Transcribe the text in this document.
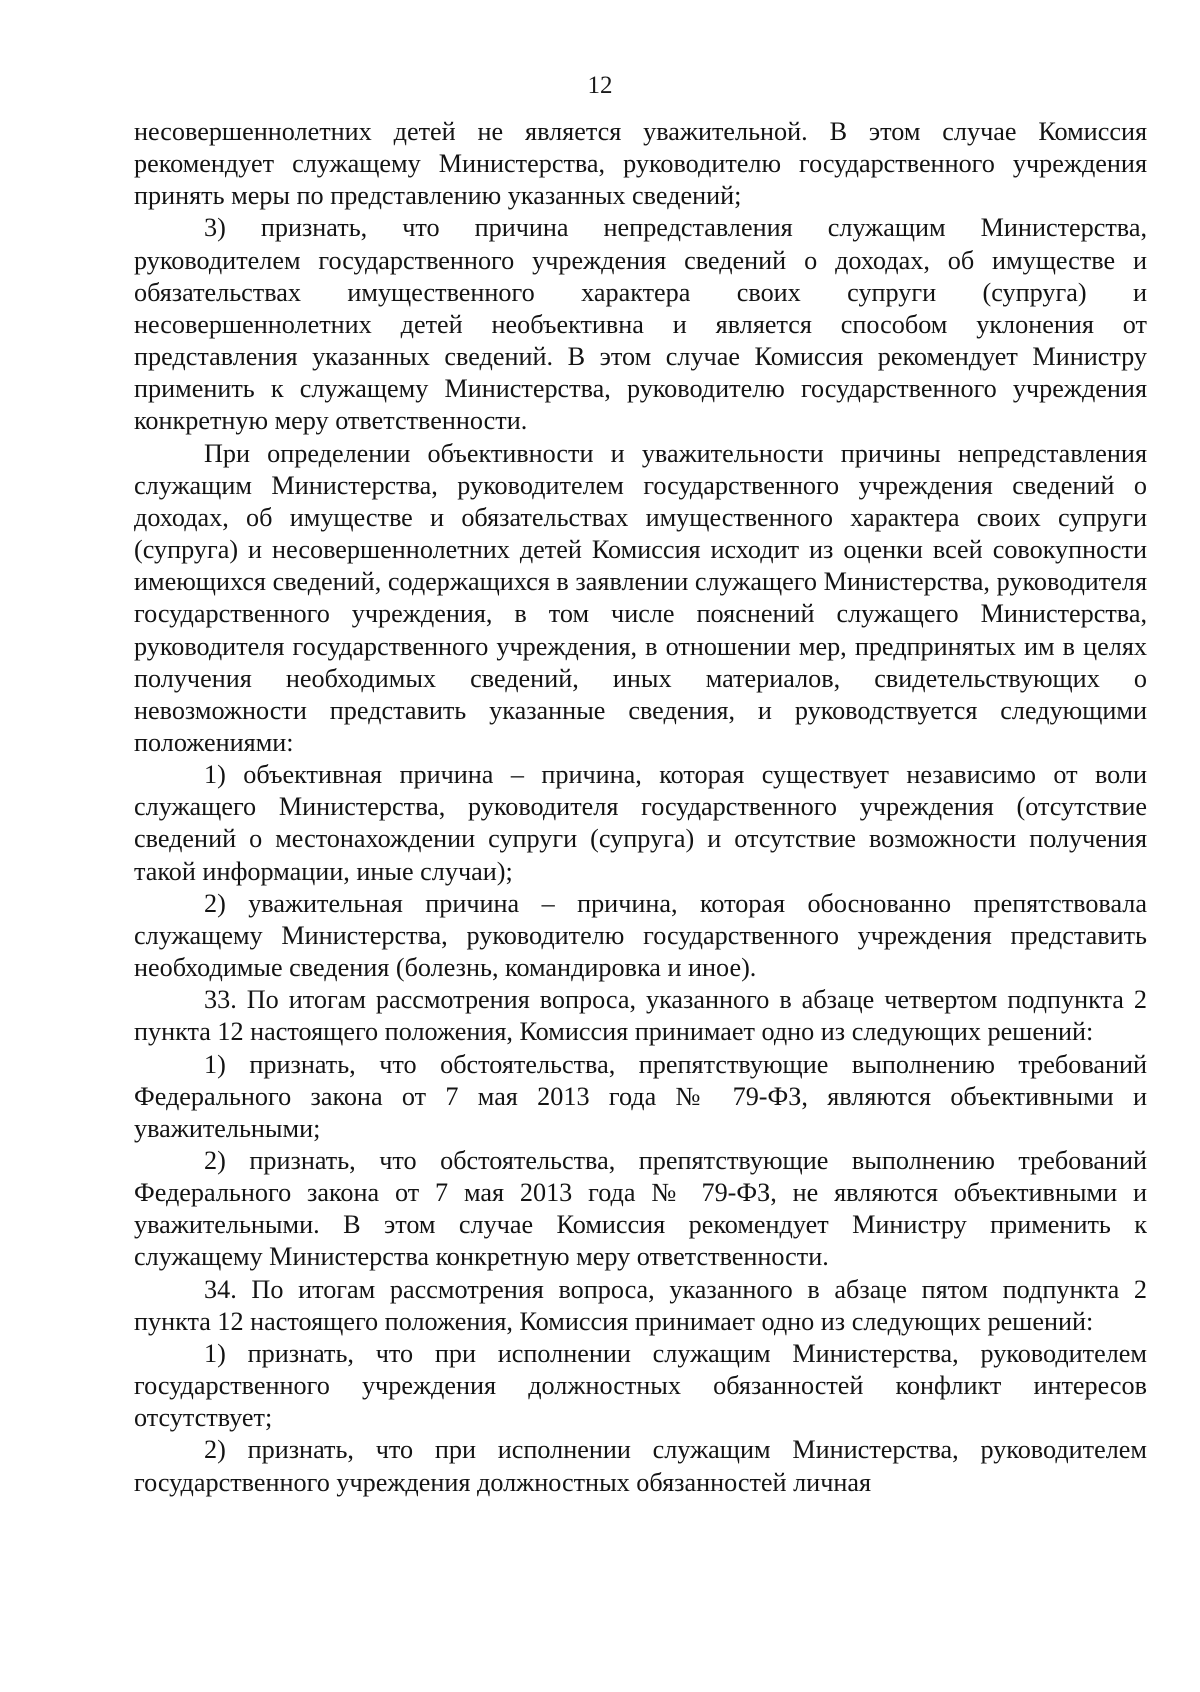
12

несовершеннолетних детей не является уважительной. В этом случае Комиссия рекомендует служащему Министерства, руководителю государственного учреждения принять меры по представлению указанных сведений;

3) признать, что причина непредставления служащим Министерства, руководителем государственного учреждения сведений о доходах, об имуществе и обязательствах имущественного характера своих супруги (супруга) и несовершеннолетних детей необъективна и является способом уклонения от представления указанных сведений. В этом случае Комиссия рекомендует Министру применить к служащему Министерства, руководителю государственного учреждения конкретную меру ответственности.

При определении объективности и уважительности причины непредставления служащим Министерства, руководителем государственного учреждения сведений о доходах, об имуществе и обязательствах имущественного характера своих супруги (супруга) и несовершеннолетних детей Комиссия исходит из оценки всей совокупности имеющихся сведений, содержащихся в заявлении служащего Министерства, руководителя государственного учреждения, в том числе пояснений служащего Министерства, руководителя государственного учреждения, в отношении мер, предпринятых им в целях получения необходимых сведений, иных материалов, свидетельствующих о невозможности представить указанные сведения, и руководствуется следующими положениями:

1) объективная причина – причина, которая существует независимо от воли служащего Министерства, руководителя государственного учреждения (отсутствие сведений о местонахождении супруги (супруга) и отсутствие возможности получения такой информации, иные случаи);

2) уважительная причина – причина, которая обоснованно препятствовала служащему Министерства, руководителю государственного учреждения представить необходимые сведения (болезнь, командировка и иное).

33. По итогам рассмотрения вопроса, указанного в абзаце четвертом подпункта 2 пункта 12 настоящего положения, Комиссия принимает одно из следующих решений:

1) признать, что обстоятельства, препятствующие выполнению требований Федерального закона от 7 мая 2013 года № 79-ФЗ, являются объективными и уважительными;

2) признать, что обстоятельства, препятствующие выполнению требований Федерального закона от 7 мая 2013 года № 79-ФЗ, не являются объективными и уважительными. В этом случае Комиссия рекомендует Министру применить к служащему Министерства конкретную меру ответственности.

34. По итогам рассмотрения вопроса, указанного в абзаце пятом подпункта 2 пункта 12 настоящего положения, Комиссия принимает одно из следующих решений:

1) признать, что при исполнении служащим Министерства, руководителем государственного учреждения должностных обязанностей конфликт интересов отсутствует;

2) признать, что при исполнении служащим Министерства, руководителем государственного учреждения должностных обязанностей личная
